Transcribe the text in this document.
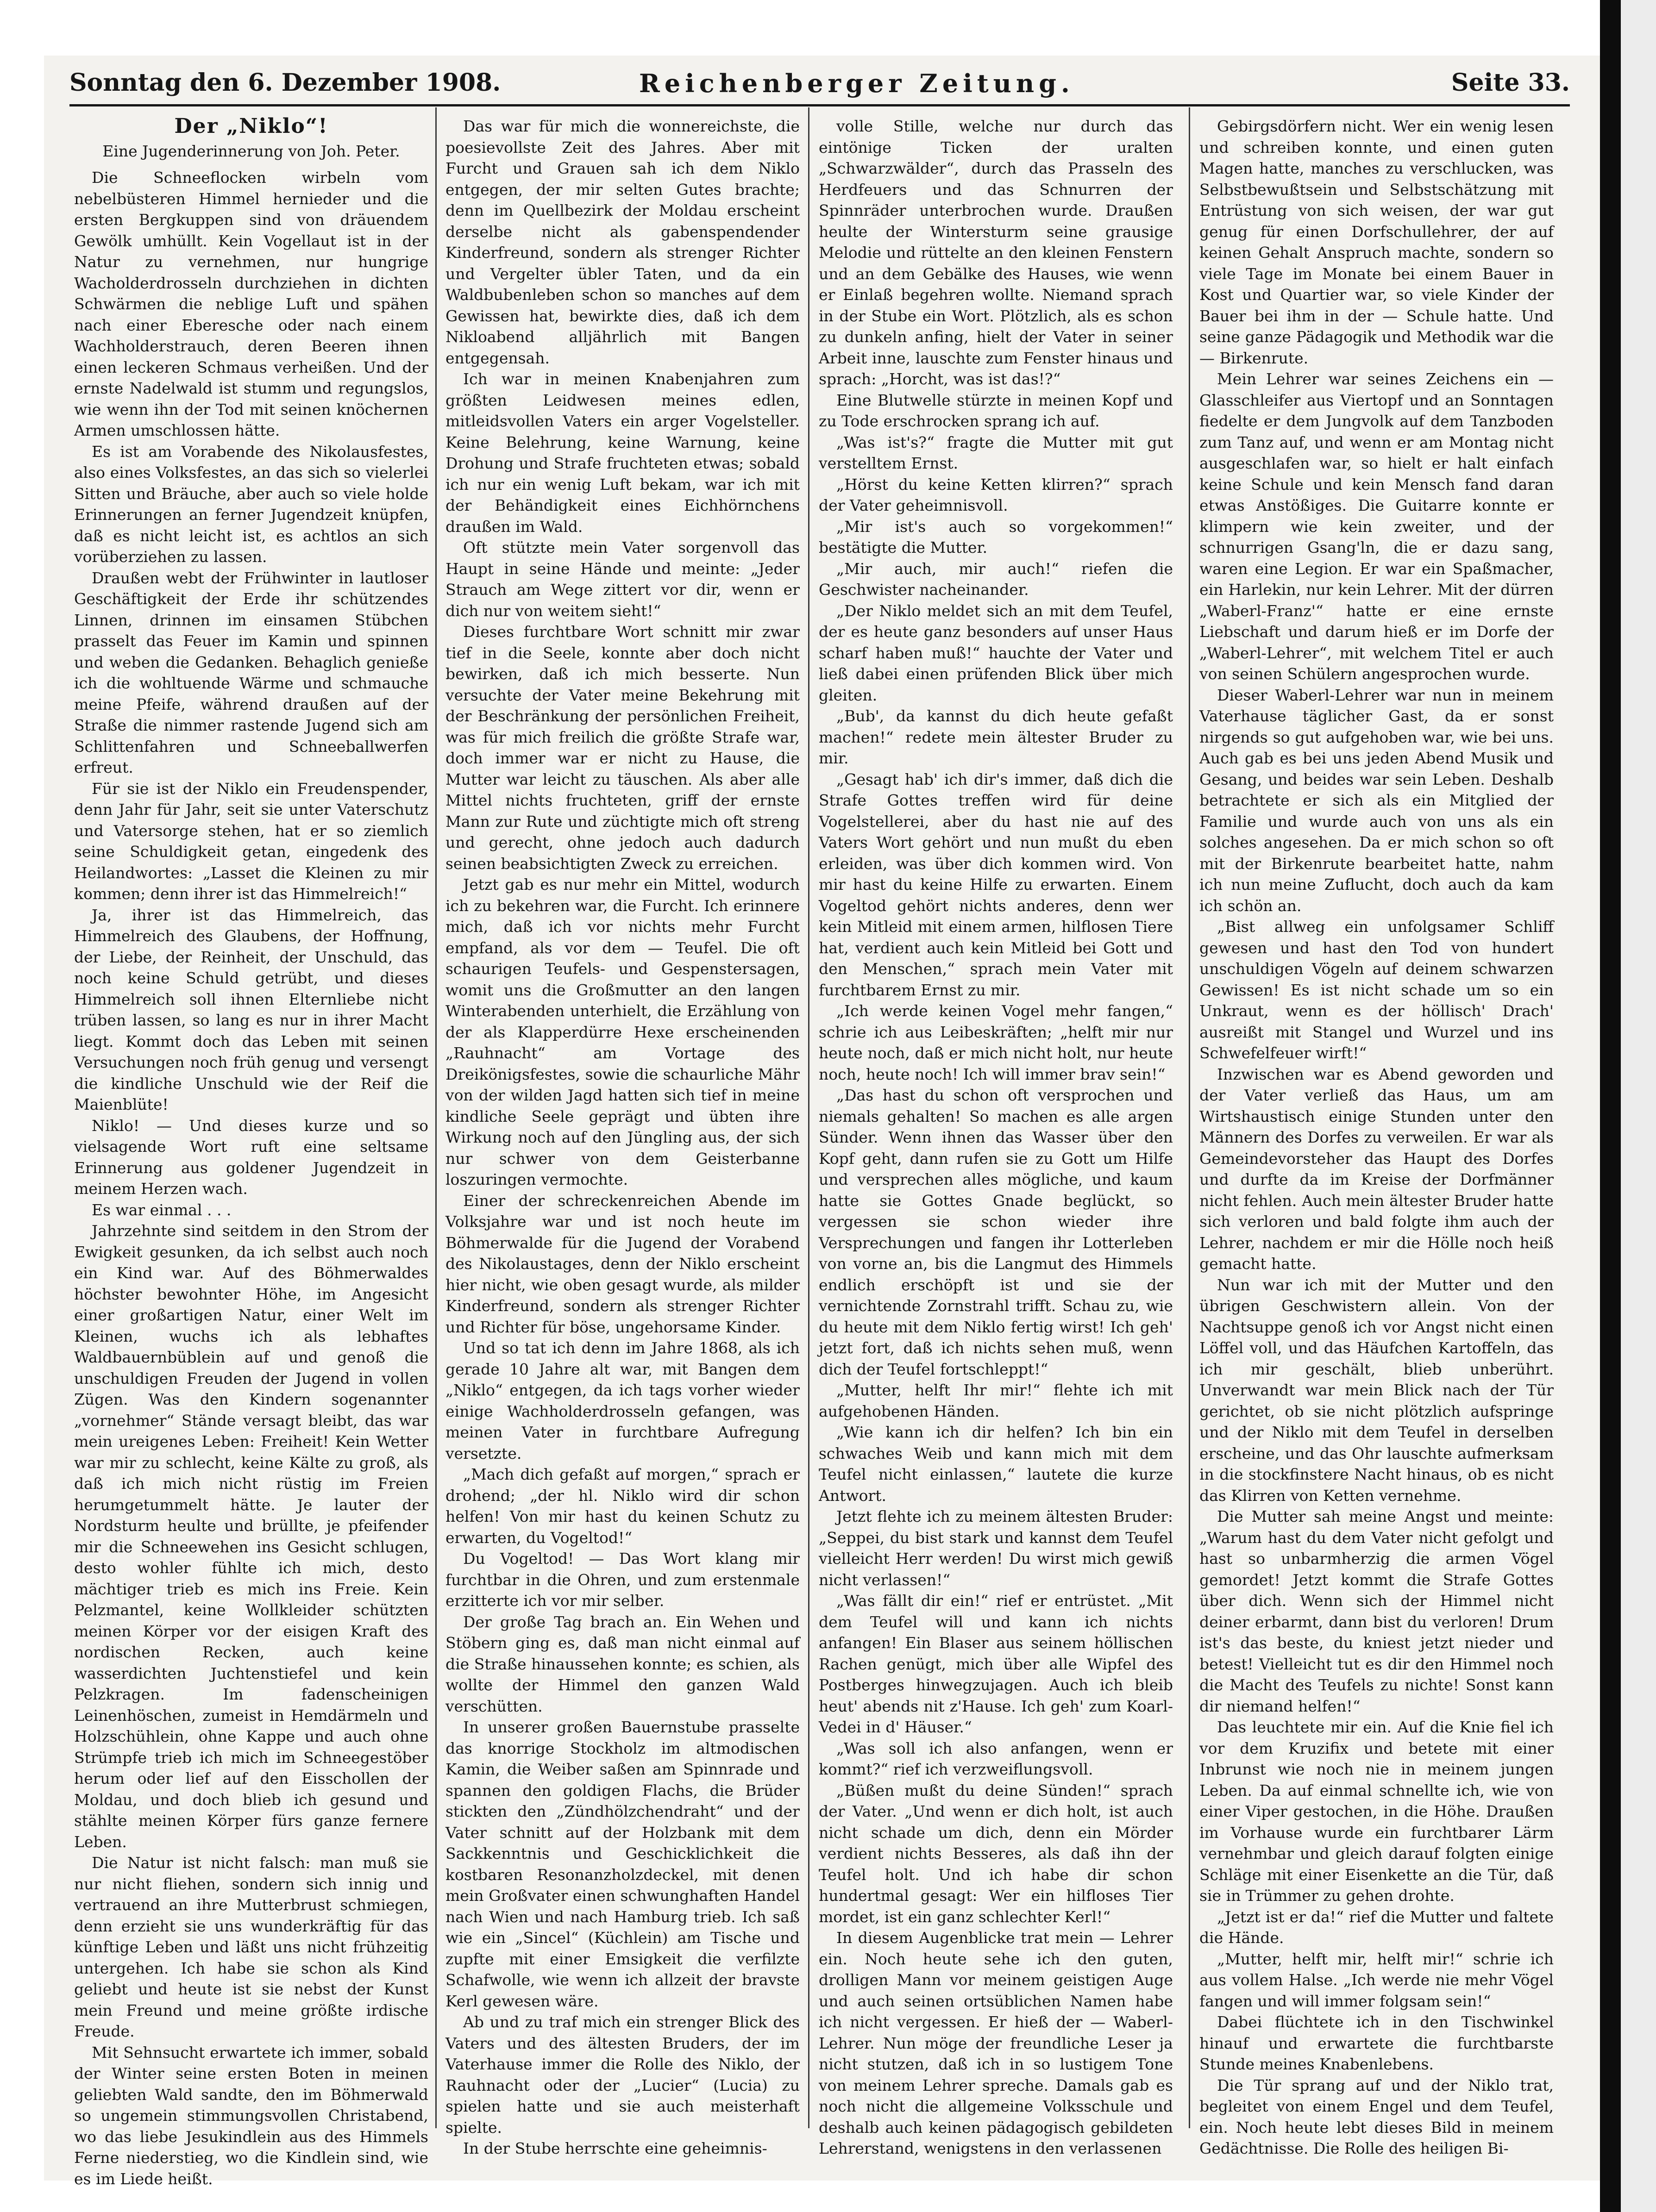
Sonntag den 6. Dezember 1908.	Reichenberger Zeitung.	Seite 33.

Der „Niklo“!

Eine Jugenderinnerung von Joh. Peter.

Die Schneeflocken wirbeln vom nebelbüsteren Himmel hernieder und die ersten Bergkuppen sind von dräuendem Gewölk umhüllt. Kein Vogellaut ist in der Natur zu vernehmen, nur hungrige Wacholderdrosseln durchziehen in dichten Schwärmen die neblige Luft und spähen nach einer Eberesche oder nach einem Wachholderstrauch, deren Beeren ihnen einen leckeren Schmaus verheißen. Und der ernste Nadelwald ist stumm und regungslos, wie wenn ihn der Tod mit seinen knöchernen Armen umschlossen hätte.

Es ist am Vorabende des Nikolausfestes, also eines Volksfestes, an das sich so vielerlei Sitten und Bräuche, aber auch so viele holde Erinnerungen an ferner Jugendzeit knüpfen, daß es nicht leicht ist, es achtlos an sich vorüberziehen zu lassen.

Draußen webt der Frühwinter in lautloser Geschäftigkeit der Erde ihr schützendes Linnen, drinnen im einsamen Stübchen prasselt das Feuer im Kamin und spinnen und weben die Gedanken. Behaglich genieße ich die wohltuende Wärme und schmauche meine Pfeife, während draußen auf der Straße die nimmer rastende Jugend sich am Schlittenfahren und Schneeballwerfen erfreut.

Für sie ist der Niklo ein Freudenspender, denn Jahr für Jahr, seit sie unter Vaterschutz und Vatersorge stehen, hat er so ziemlich seine Schuldigkeit getan, eingedenk des Heilandwortes: „Lasset die Kleinen zu mir kommen; denn ihrer ist das Himmelreich!“

Ja, ihrer ist das Himmelreich, das Himmelreich des Glaubens, der Hoffnung, der Liebe, der Reinheit, der Unschuld, das noch keine Schuld getrübt, und dieses Himmelreich soll ihnen Elternliebe nicht trüben lassen, so lang es nur in ihrer Macht liegt. Kommt doch das Leben mit seinen Versuchungen noch früh genug und versengt die kindliche Unschuld wie der Reif die Maienblüte!

Niklo! — Und dieses kurze und so vielsagende Wort ruft eine seltsame Erinnerung aus goldener Jugendzeit in meinem Herzen wach.

Es war einmal . . .

Jahrzehnte sind seitdem in den Strom der Ewigkeit gesunken, da ich selbst auch noch ein Kind war. Auf des Böhmerwaldes höchster bewohnter Höhe, im Angesicht einer großartigen Natur, einer Welt im Kleinen, wuchs ich als lebhaftes Waldbauernbüblein auf und genoß die unschuldigen Freuden der Jugend in vollen Zügen. Was den Kindern sogenannter „vornehmer“ Stände versagt bleibt, das war mein ureigenes Leben: Freiheit! Kein Wetter war mir zu schlecht, keine Kälte zu groß, als daß ich mich nicht rüstig im Freien herumgetummelt hätte. Je lauter der Nordsturm heulte und brüllte, je pfeifender mir die Schneewehen ins Gesicht schlugen, desto wohler fühlte ich mich, desto mächtiger trieb es mich ins Freie. Kein Pelzmantel, keine Wollkleider schützten meinen Körper vor der eisigen Kraft des nordischen Recken, auch keine wasserdichten Juchtenstiefel und kein Pelzkragen. Im fadenscheinigen Leinenhöschen, zumeist in Hemdärmeln und Holzschühlein, ohne Kappe und auch ohne Strümpfe trieb ich mich im Schneegestöber herum oder lief auf den Eisschollen der Moldau, und doch blieb ich gesund und stählte meinen Körper fürs ganze fernere Leben.

Die Natur ist nicht falsch: man muß sie nur nicht fliehen, sondern sich innig und vertrauend an ihre Mutterbrust schmiegen, denn erzieht sie uns wunderkräftig für das künftige Leben und läßt uns nicht frühzeitig untergehen. Ich habe sie schon als Kind geliebt und heute ist sie nebst der Kunst mein Freund und meine größte irdische Freude.

Mit Sehnsucht erwartete ich immer, sobald der Winter seine ersten Boten in meinen geliebten Wald sandte, den im Böhmerwald so ungemein stimmungsvollen Christabend, wo das liebe Jesukindlein aus des Himmels Ferne niederstieg, wo die Kindlein sind, wie es im Liede heißt.

Das war für mich die wonnereichste, die poesievollste Zeit des Jahres. Aber mit Furcht und Grauen sah ich dem Niklo entgegen, der mir selten Gutes brachte; denn im Quellbezirk der Moldau erscheint derselbe nicht als gabenspendender Kinderfreund, sondern als strenger Richter und Vergelter übler Taten, und da ein Waldbubenleben schon so manches auf dem Gewissen hat, bewirkte dies, daß ich dem Nikloabend alljährlich mit Bangen entgegensah.

Ich war in meinen Knabenjahren zum größten Leidwesen meines edlen, mitleidsvollen Vaters ein arger Vogelsteller. Keine Belehrung, keine Warnung, keine Drohung und Strafe fruchteten etwas; sobald ich nur ein wenig Luft bekam, war ich mit der Behändigkeit eines Eichhörnchens draußen im Wald.

Oft stützte mein Vater sorgenvoll das Haupt in seine Hände und meinte: „Jeder Strauch am Wege zittert vor dir, wenn er dich nur von weitem sieht!“

Dieses furchtbare Wort schnitt mir zwar tief in die Seele, konnte aber doch nicht bewirken, daß ich mich besserte. Nun versuchte der Vater meine Bekehrung mit der Beschränkung der persönlichen Freiheit, was für mich freilich die größte Strafe war, doch immer war er nicht zu Hause, die Mutter war leicht zu täuschen. Als aber alle Mittel nichts fruchteten, griff der ernste Mann zur Rute und züchtigte mich oft streng und gerecht, ohne jedoch auch dadurch seinen beabsichtigten Zweck zu erreichen.

Jetzt gab es nur mehr ein Mittel, wodurch ich zu bekehren war, die Furcht. Ich erinnere mich, daß ich vor nichts mehr Furcht empfand, als vor dem — Teufel. Die oft schaurigen Teufels- und Gespenstersagen, womit uns die Großmutter an den langen Winterabenden unterhielt, die Erzählung von der als Klapperdürre Hexe erscheinenden „Rauhnacht“ am Vortage des Dreikönigsfestes, sowie die schaurliche Mähr von der wilden Jagd hatten sich tief in meine kindliche Seele geprägt und übten ihre Wirkung noch auf den Jüngling aus, der sich nur schwer von dem Geisterbanne loszuringen vermochte.

Einer der schreckenreichen Abende im Volksjahre war und ist noch heute im Böhmerwalde für die Jugend der Vorabend des Nikolaustages, denn der Niklo erscheint hier nicht, wie oben gesagt wurde, als milder Kinderfreund, sondern als strenger Richter und Richter für böse, ungehorsame Kinder.

Und so tat ich denn im Jahre 1868, als ich gerade 10 Jahre alt war, mit Bangen dem „Niklo“ entgegen, da ich tags vorher wieder einige Wachholderdrosseln gefangen, was meinen Vater in furchtbare Aufregung versetzte.

„Mach dich gefaßt auf morgen,“ sprach er drohend; „der hl. Niklo wird dir schon helfen! Von mir hast du keinen Schutz zu erwarten, du Vogeltod!“

Du Vogeltod! — Das Wort klang mir furchtbar in die Ohren, und zum erstenmale erzitterte ich vor mir selber.

Der große Tag brach an. Ein Wehen und Stöbern ging es, daß man nicht einmal auf die Straße hinaussehen konnte; es schien, als wollte der Himmel den ganzen Wald verschütten.

In unserer großen Bauernstube prasselte das knorrige Stockholz im altmodischen Kamin, die Weiber saßen am Spinnrade und spannen den goldigen Flachs, die Brüder stickten den „Zündhölzchendraht“ und der Vater schnitt auf der Holzbank mit dem Sackkenntnis und Geschicklichkeit die kostbaren Resonanzholzdeckel, mit denen mein Großvater einen schwunghaften Handel nach Wien und nach Hamburg trieb. Ich saß wie ein „Sincel“ (Küchlein) am Tische und zupfte mit einer Emsigkeit die verfilzte Schafwolle, wie wenn ich allzeit der bravste Kerl gewesen wäre.

Ab und zu traf mich ein strenger Blick des Vaters und des ältesten Bruders, der im Vaterhause immer die Rolle des Niklo, der Rauhnacht oder der „Lucier“ (Lucia) zu spielen hatte und sie auch meisterhaft spielte.

In der Stube herrschte eine geheimnis-

volle Stille, welche nur durch das eintönige Ticken der uralten „Schwarzwälder“, durch das Prasseln des Herdfeuers und das Schnurren der Spinnräder unterbrochen wurde. Draußen heulte der Wintersturm seine grausige Melodie und rüttelte an den kleinen Fenstern und an dem Gebälke des Hauses, wie wenn er Einlaß begehren wollte. Niemand sprach in der Stube ein Wort. Plötzlich, als es schon zu dunkeln anfing, hielt der Vater in seiner Arbeit inne, lauschte zum Fenster hinaus und sprach: „Horcht, was ist das!?“

Eine Blutwelle stürzte in meinen Kopf und zu Tode erschrocken sprang ich auf.

„Was ist's?“ fragte die Mutter mit gut verstelltem Ernst.

„Hörst du keine Ketten klirren?“ sprach der Vater geheimnisvoll.

„Mir ist's auch so vorgekommen!“ bestätigte die Mutter.

„Mir auch, mir auch!“ riefen die Geschwister nacheinander.

„Der Niklo meldet sich an mit dem Teufel, der es heute ganz besonders auf unser Haus scharf haben muß!“ hauchte der Vater und ließ dabei einen prüfenden Blick über mich gleiten.

„Bub', da kannst du dich heute gefaßt machen!“ redete mein ältester Bruder zu mir.

„Gesagt hab' ich dir's immer, daß dich die Strafe Gottes treffen wird für deine Vogelstellerei, aber du hast nie auf des Vaters Wort gehört und nun mußt du eben erleiden, was über dich kommen wird. Von mir hast du keine Hilfe zu erwarten. Einem Vogeltod gehört nichts anderes, denn wer kein Mitleid mit einem armen, hilflosen Tiere hat, verdient auch kein Mitleid bei Gott und den Menschen,“ sprach mein Vater mit furchtbarem Ernst zu mir.

„Ich werde keinen Vogel mehr fangen,“ schrie ich aus Leibeskräften; „helft mir nur heute noch, daß er mich nicht holt, nur heute noch, heute noch! Ich will immer brav sein!“

„Das hast du schon oft versprochen und niemals gehalten! So machen es alle argen Sünder. Wenn ihnen das Wasser über den Kopf geht, dann rufen sie zu Gott um Hilfe und versprechen alles mögliche, und kaum hatte sie Gottes Gnade beglückt, so vergessen sie schon wieder ihre Versprechungen und fangen ihr Lotterleben von vorne an, bis die Langmut des Himmels endlich erschöpft ist und sie der vernichtende Zornstrahl trifft. Schau zu, wie du heute mit dem Niklo fertig wirst! Ich geh' jetzt fort, daß ich nichts sehen muß, wenn dich der Teufel fortschleppt!“

„Mutter, helft Ihr mir!“ flehte ich mit aufgehobenen Händen.

„Wie kann ich dir helfen? Ich bin ein schwaches Weib und kann mich mit dem Teufel nicht einlassen,“ lautete die kurze Antwort.

Jetzt flehte ich zu meinem ältesten Bruder: „Seppei, du bist stark und kannst dem Teufel vielleicht Herr werden! Du wirst mich gewiß nicht verlassen!“

„Was fällt dir ein!“ rief er entrüstet. „Mit dem Teufel will und kann ich nichts anfangen! Ein Blaser aus seinem höllischen Rachen genügt, mich über alle Wipfel des Postberges hinwegzujagen. Auch ich bleib heut' abends nit z'Hause. Ich geh' zum Koarl-Vedei in d' Häuser.“

„Was soll ich also anfangen, wenn er kommt?“ rief ich verzweiflungsvoll.

„Büßen mußt du deine Sünden!“ sprach der Vater. „Und wenn er dich holt, ist auch nicht schade um dich, denn ein Mörder verdient nichts Besseres, als daß ihn der Teufel holt. Und ich habe dir schon hundertmal gesagt: Wer ein hilfloses Tier mordet, ist ein ganz schlechter Kerl!“

In diesem Augenblicke trat mein — Lehrer ein. Noch heute sehe ich den guten, drolligen Mann vor meinem geistigen Auge und auch seinen ortsüblichen Namen habe ich nicht vergessen. Er hieß der — Waberl-Lehrer. Nun möge der freundliche Leser ja nicht stutzen, daß ich in so lustigem Tone von meinem Lehrer spreche. Damals gab es noch nicht die allgemeine Volksschule und deshalb auch keinen pädagogisch gebildeten Lehrerstand, wenigstens in den verlassenen

Gebirgsdörfern nicht. Wer ein wenig lesen und schreiben konnte, und einen guten Magen hatte, manches zu verschlucken, was Selbstbewußtsein und Selbstschätzung mit Entrüstung von sich weisen, der war gut genug für einen Dorfschullehrer, der auf keinen Gehalt Anspruch machte, sondern so viele Tage im Monate bei einem Bauer in Kost und Quartier war, so viele Kinder der Bauer bei ihm in der — Schule hatte. Und seine ganze Pädagogik und Methodik war die — Birkenrute.

Mein Lehrer war seines Zeichens ein — Glasschleifer aus Viertopf und an Sonntagen fiedelte er dem Jungvolk auf dem Tanzboden zum Tanz auf, und wenn er am Montag nicht ausgeschlafen war, so hielt er halt einfach keine Schule und kein Mensch fand daran etwas Anstößiges. Die Guitarre konnte er klimpern wie kein zweiter, und der schnurrigen Gsang'ln, die er dazu sang, waren eine Legion. Er war ein Spaßmacher, ein Harlekin, nur kein Lehrer. Mit der dürren „Waberl-Franz'“ hatte er eine ernste Liebschaft und darum hieß er im Dorfe der „Waberl-Lehrer“, mit welchem Titel er auch von seinen Schülern angesprochen wurde.

Dieser Waberl-Lehrer war nun in meinem Vaterhause täglicher Gast, da er sonst nirgends so gut aufgehoben war, wie bei uns. Auch gab es bei uns jeden Abend Musik und Gesang, und beides war sein Leben. Deshalb betrachtete er sich als ein Mitglied der Familie und wurde auch von uns als ein solches angesehen. Da er mich schon so oft mit der Birkenrute bearbeitet hatte, nahm ich nun meine Zuflucht, doch auch da kam ich schön an.

„Bist allweg ein unfolgsamer Schliff gewesen und hast den Tod von hundert unschuldigen Vögeln auf deinem schwarzen Gewissen! Es ist nicht schade um so ein Unkraut, wenn es der höllisch' Drach' ausreißt mit Stangel und Wurzel und ins Schwefelfeuer wirft!“

Inzwischen war es Abend geworden und der Vater verließ das Haus, um am Wirtshaustisch einige Stunden unter den Männern des Dorfes zu verweilen. Er war als Gemeindevorsteher das Haupt des Dorfes und durfte da im Kreise der Dorfmänner nicht fehlen. Auch mein ältester Bruder hatte sich verloren und bald folgte ihm auch der Lehrer, nachdem er mir die Hölle noch heiß gemacht hatte.

Nun war ich mit der Mutter und den übrigen Geschwistern allein. Von der Nachtsuppe genoß ich vor Angst nicht einen Löffel voll, und das Häufchen Kartoffeln, das ich mir geschält, blieb unberührt. Unverwandt war mein Blick nach der Tür gerichtet, ob sie nicht plötzlich aufspringe und der Niklo mit dem Teufel in derselben erscheine, und das Ohr lauschte aufmerksam in die stockfinstere Nacht hinaus, ob es nicht das Klirren von Ketten vernehme.

Die Mutter sah meine Angst und meinte: „Warum hast du dem Vater nicht gefolgt und hast so unbarmherzig die armen Vögel gemordet! Jetzt kommt die Strafe Gottes über dich. Wenn sich der Himmel nicht deiner erbarmt, dann bist du verloren! Drum ist's das beste, du kniest jetzt nieder und betest! Vielleicht tut es dir den Himmel noch die Macht des Teufels zu nichte! Sonst kann dir niemand helfen!“

Das leuchtete mir ein. Auf die Knie fiel ich vor dem Kruzifix und betete mit einer Inbrunst wie noch nie in meinem jungen Leben. Da auf einmal schnellte ich, wie von einer Viper gestochen, in die Höhe. Draußen im Vorhause wurde ein furchtbarer Lärm vernehmbar und gleich darauf folgten einige Schläge mit einer Eisenkette an die Tür, daß sie in Trümmer zu gehen drohte.

„Jetzt ist er da!“ rief die Mutter und faltete die Hände.

„Mutter, helft mir, helft mir!“ schrie ich aus vollem Halse. „Ich werde nie mehr Vögel fangen und will immer folgsam sein!“

Dabei flüchtete ich in den Tischwinkel hinauf und erwartete die furchtbarste Stunde meines Knabenlebens.

Die Tür sprang auf und der Niklo trat, begleitet von einem Engel und dem Teufel, ein. Noch heute lebt dieses Bild in meinem Gedächtnisse. Die Rolle des heiligen Bi-
